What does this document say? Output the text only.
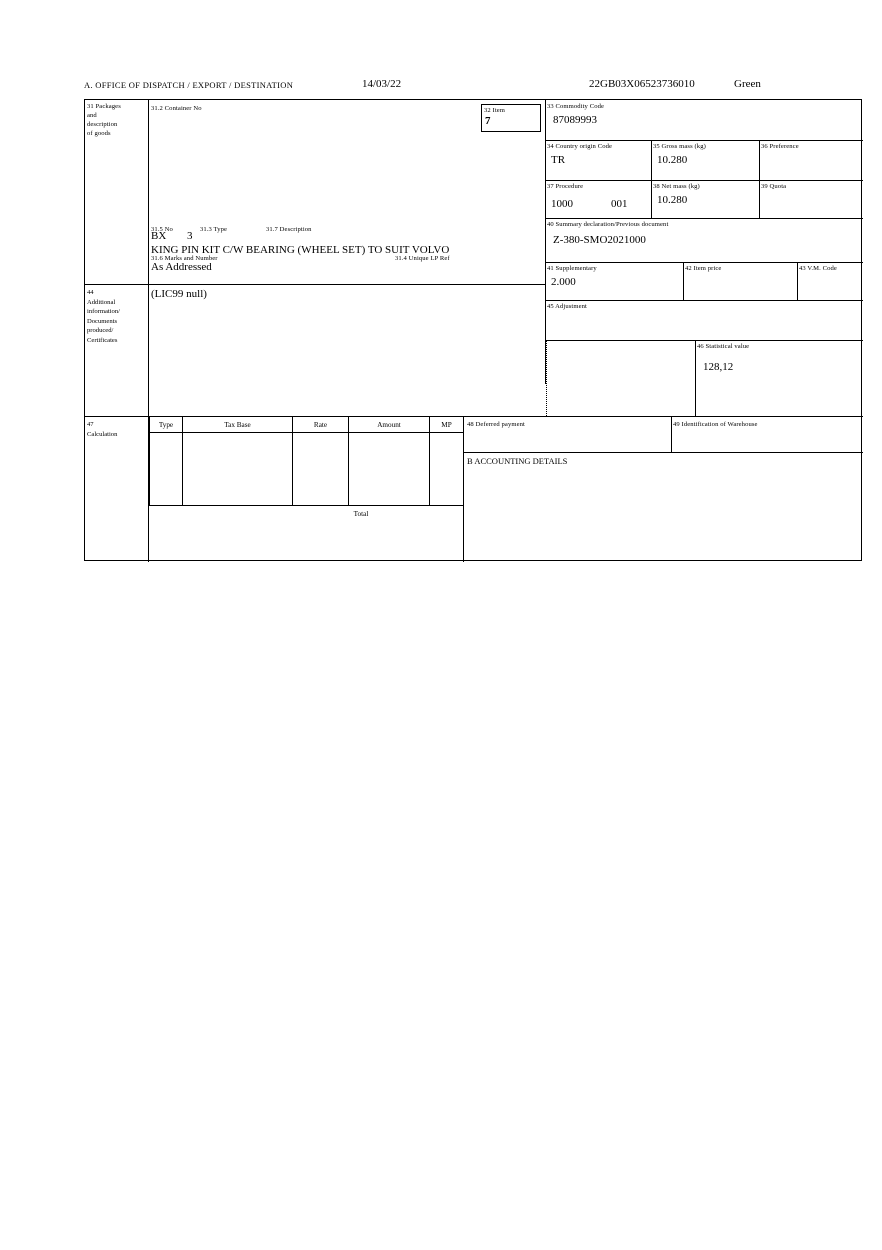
A. OFFICE OF DISPATCH / EXPORT / DESTINATION	14/03/22	22GB03X06523736010	Green
31 Packages
and
description
of goods
31.2 Container No
31.5 No	31.3 Type	31.7 Description
BX 3 KING PIN KIT C/W BEARING (WHEEL SET) TO SUIT VOLVO
31.6 Marks and Number	31.4 Unique LP Ref
As Addressed
32 Item
7
33 Commodity Code
87089993
34 Country origin Code
TR
35 Gross mass (kg)
10.280
36 Preference
37 Procedure
1000	001
38 Net mass (kg)
10.280
39 Quota
40 Summary declaration/Previous document
Z-380-SMO2021000
41 Supplementary
2.000
42 Item price	43 V.M. Code
45 Adjustment
46 Statistical value
128,12
44
Additional
information/
Documents
produced/
Certificates
(LIC99 null)
47
Calculation
Type	Tax Base	Rate	Amount	MP

		Total		
48 Deferred payment	49 Identification of Warehouse
B ACCOUNTING DETAILS
